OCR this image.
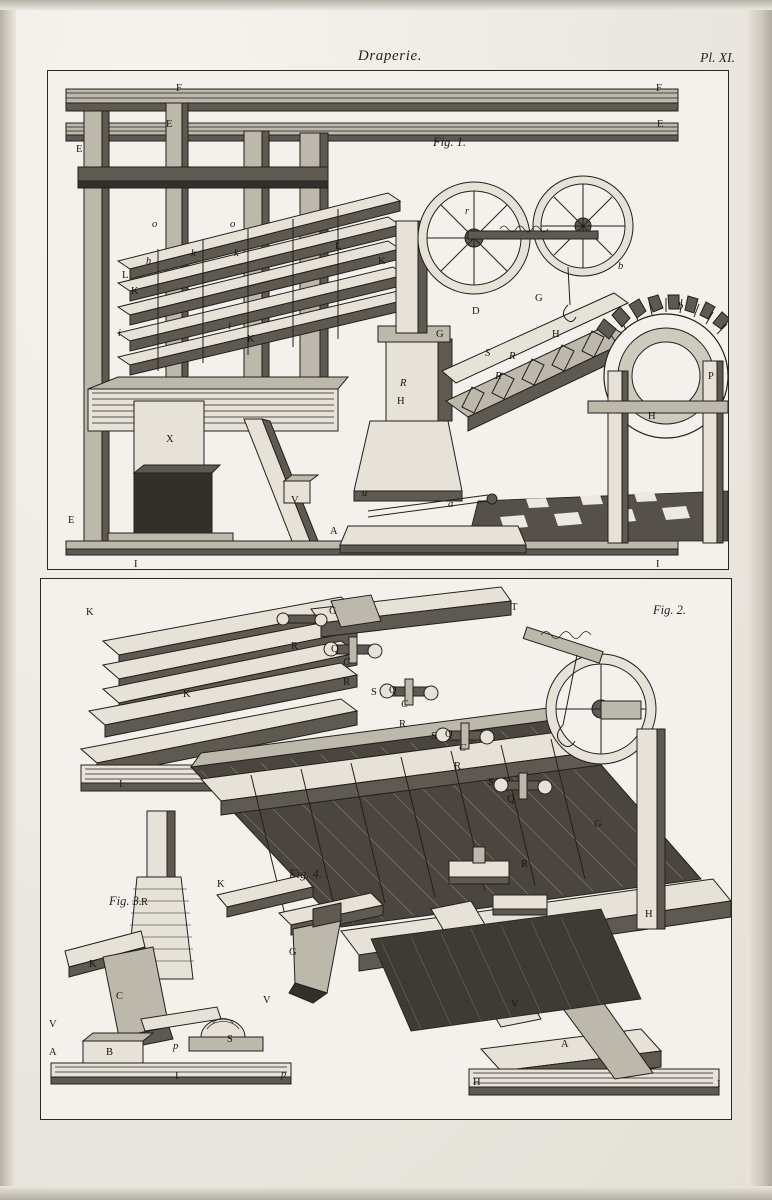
Draperie.	Pl. XI.
Fig. 1.
F	F
E	E
E
o	o
h
k	k
L
L
K
K
i
i
K
X
E
I	I
V
A
u
a
H
H
G
G
D
R
R
R
S
r
b
b
H
P
Fig. 2.
Fig. 3.
Fig. 4.
K
K
G	T
R
R
R
R
R
Q
Q
Q
Q
C
C
C
S
S
S
G
H
H
I
A
V
I
R
K
C
B
V
A
S
p
p
I
K
G
V
